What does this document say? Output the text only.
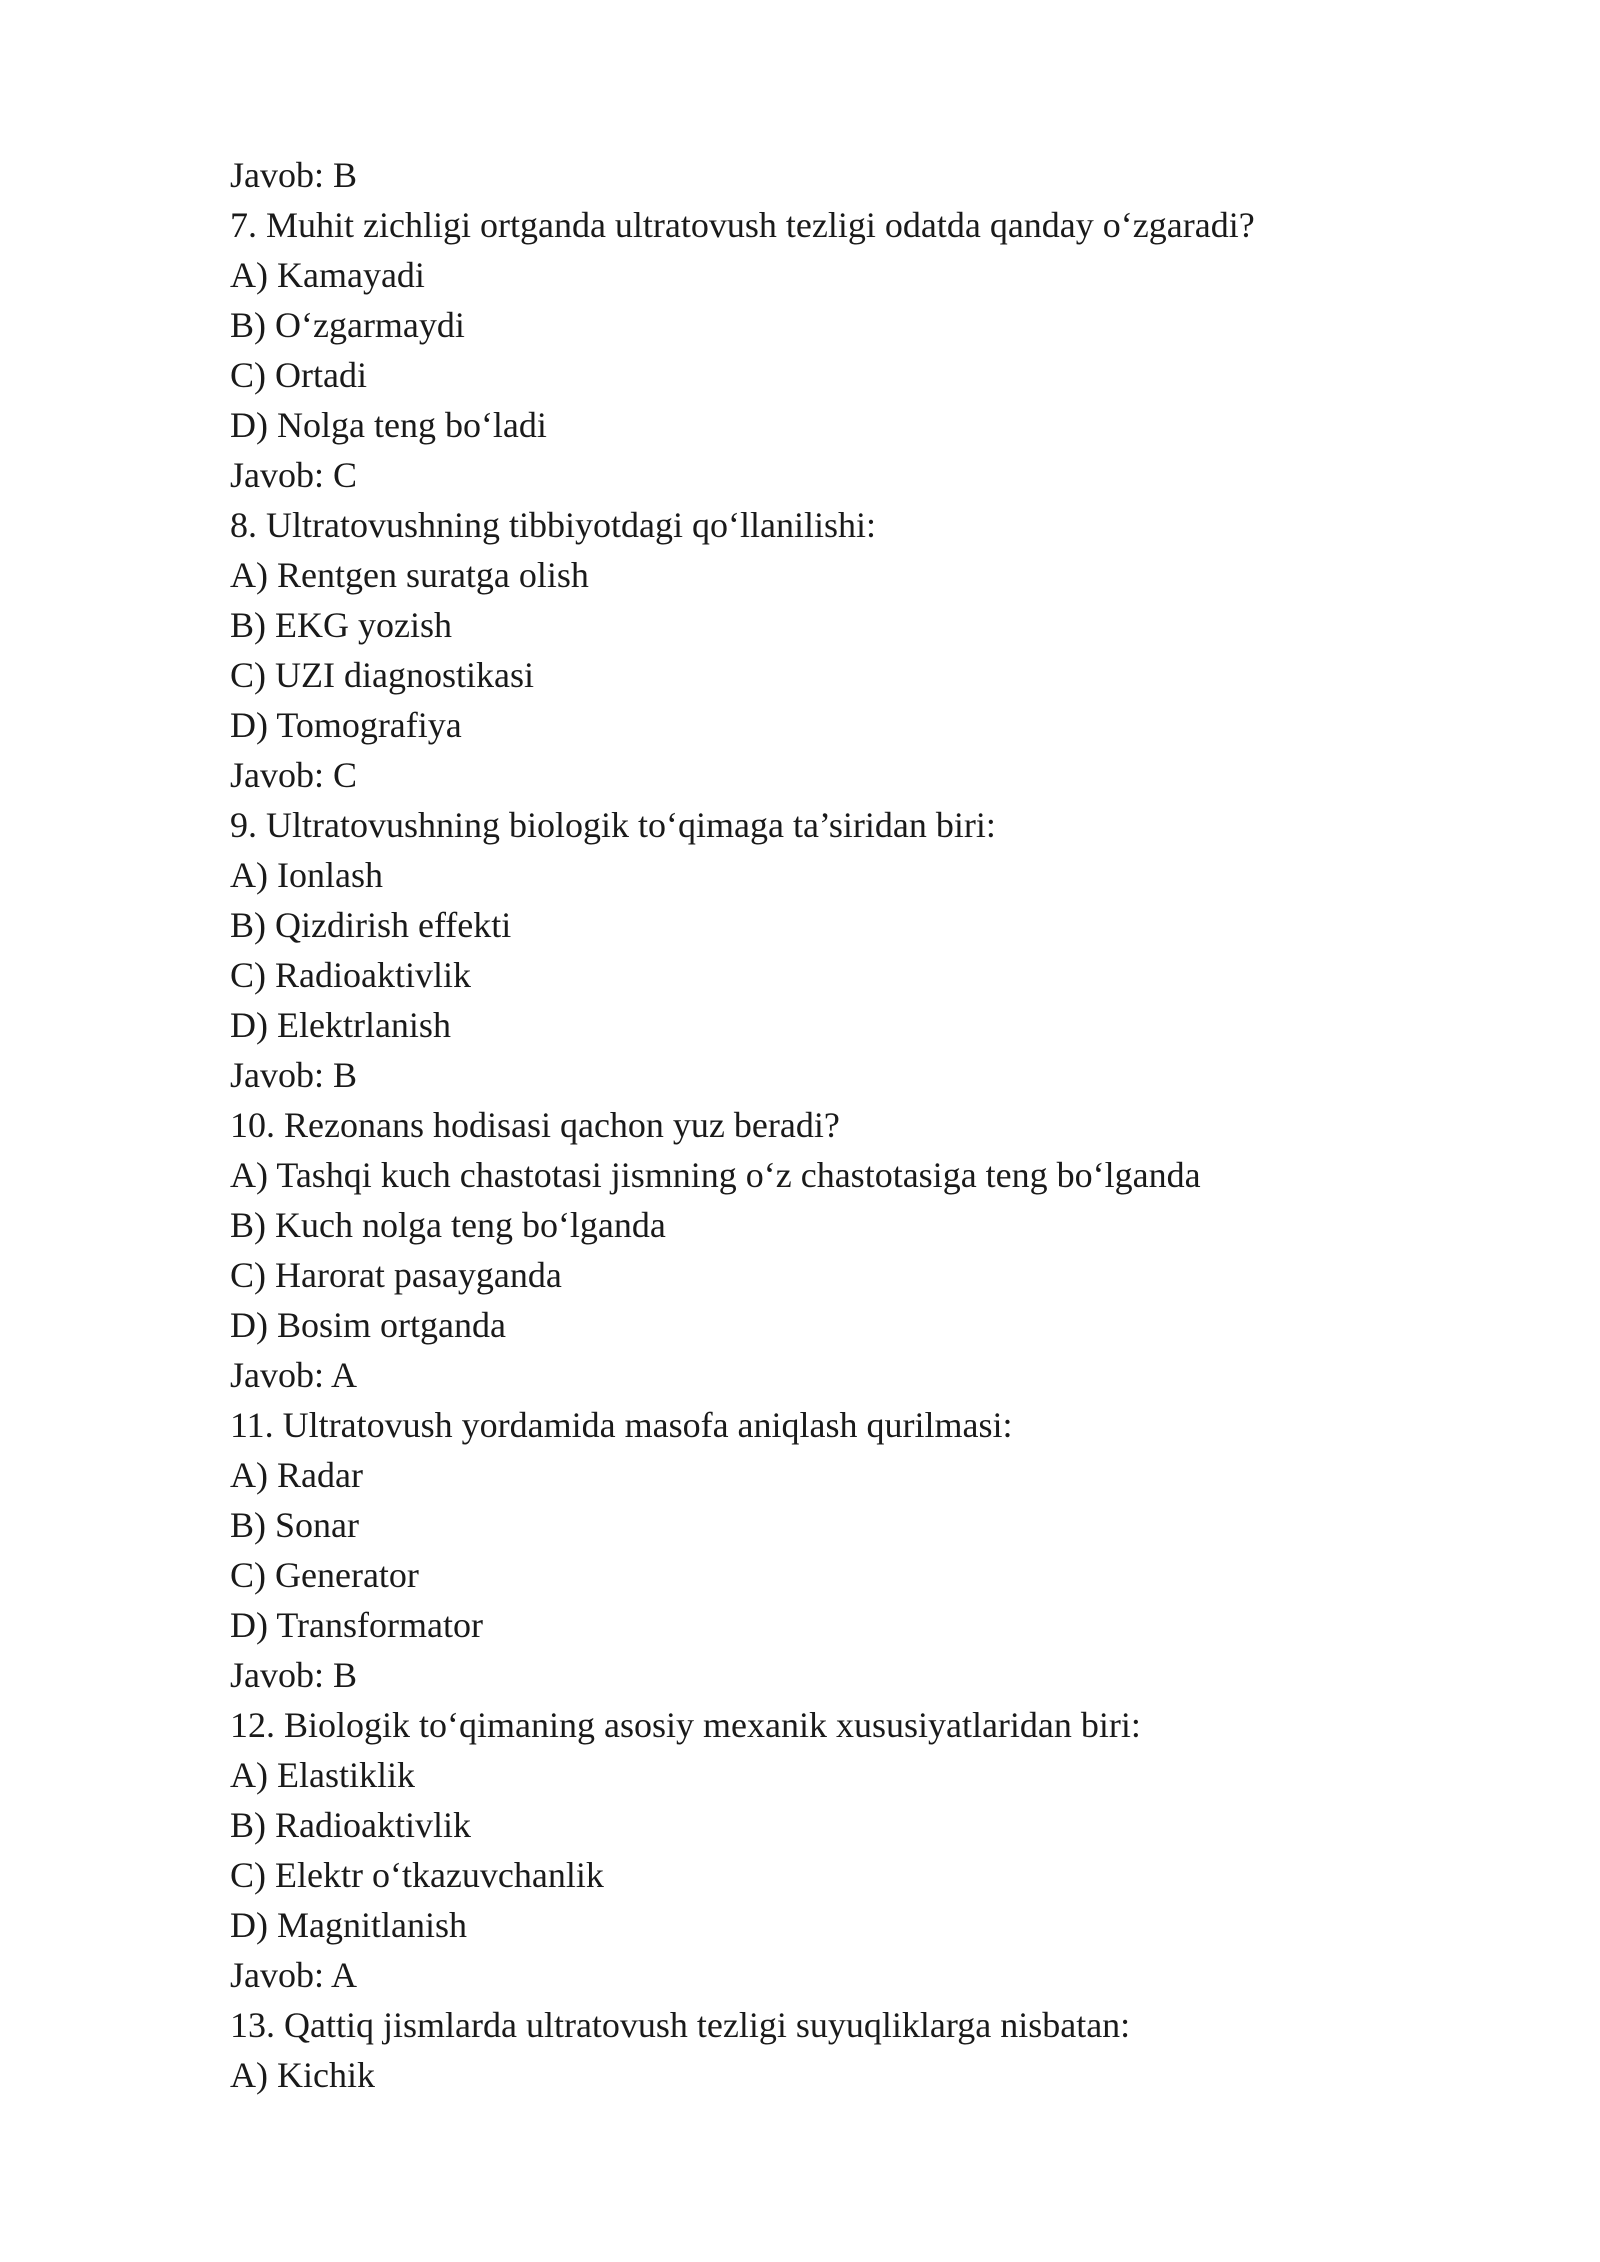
Javob: B
7. Muhit zichligi ortganda ultratovush tezligi odatda qanday o‘zgaradi?
A) Kamayadi
B) O‘zgarmaydi
C) Ortadi
D) Nolga teng bo‘ladi
Javob: C
8. Ultratovushning tibbiyotdagi qo‘llanilishi:
A) Rentgen suratga olish
B) EKG yozish
C) UZI diagnostikasi
D) Tomografiya
Javob: C
9. Ultratovushning biologik to‘qimaga ta’siridan biri:
A) Ionlash
B) Qizdirish effekti
C) Radioaktivlik
D) Elektrlanish
Javob: B
10. Rezonans hodisasi qachon yuz beradi?
A) Tashqi kuch chastotasi jismning o‘z chastotasiga teng bo‘lganda
B) Kuch nolga teng bo‘lganda
C) Harorat pasayganda
D) Bosim ortganda
Javob: A
11. Ultratovush yordamida masofa aniqlash qurilmasi:
A) Radar
B) Sonar
C) Generator
D) Transformator
Javob: B
12. Biologik to‘qimaning asosiy mexanik xususiyatlaridan biri:
A) Elastiklik
B) Radioaktivlik
C) Elektr o‘tkazuvchanlik
D) Magnitlanish
Javob: A
13. Qattiq jismlarda ultratovush tezligi suyuqliklarga nisbatan:
A) Kichik
